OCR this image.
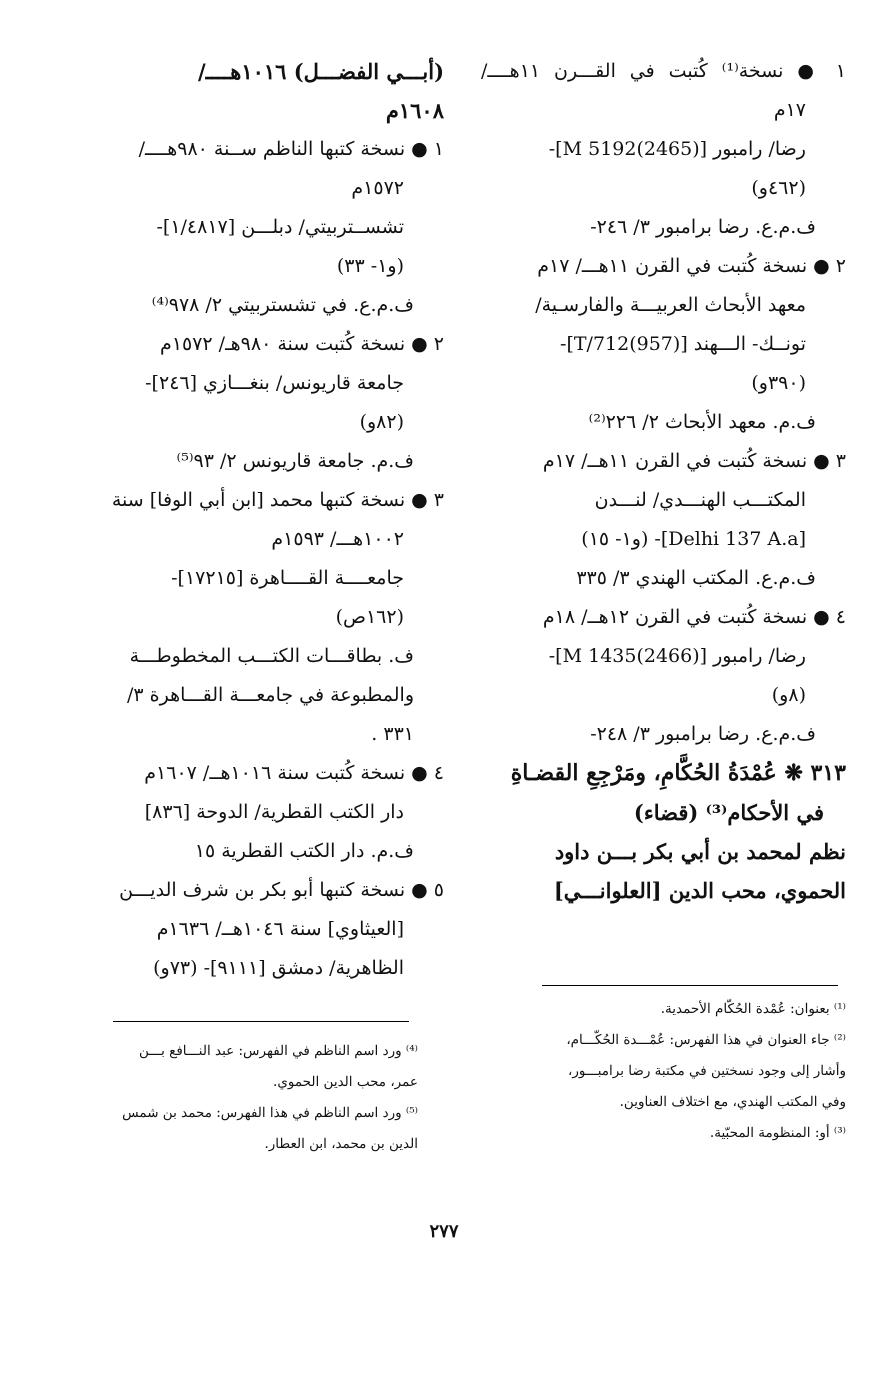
١ ● نسخة⁽¹⁾ كُتبت في القـــرن ١١هــــ/
١٧م
رضا/ رامبور [M 5192(2465)]-
(٤٦٢و)
ف.م.ع. رضا برامبور ٣/ ٢٤٦-
٢ ● نسخة كُتبت في القرن ١١هـــ/ ١٧م
معهد الأبحاث العربيـــة والفارسـية/
تونــك- الـــهند [T/712(957)]-
(٣٩٠و)
ف.م. معهد الأبحاث ٢/ ٢٢٦⁽²⁾
٣ ● نسخة كُتبت في القرن ١١هــ/ ١٧م
المكتـــب الهنـــدي/ لنـــدن
[Delhi 137 A.a]- (و١- ١٥)
ف.م.ع. المكتب الهندي ٣/ ٣٣٥
٤ ● نسخة كُتبت في القرن ١٢هــ/ ١٨م
رضا/ رامبور [M 1435(2466)]-
(٨و)
ف.م.ع. رضا برامبور ٣/ ٢٤٨-
٣١٣ ❋ عُمْدَةُ الحُكَّامِ، ومَرْجِعِ القضـاةِ
في الأحكام⁽³⁾ (قضاء)
نظم لمحمد بن أبي بكر بـــن داود
الحموي، محب الدين [العلوانـــي]
(أبـــي الفضـــل) ١٠١٦هــــ/
١٦٠٨م
١ ● نسخة كتبها الناظم ســنة ٩٨٠هــــ/
١٥٧٢م
تشســتربيتي/ دبلـــن [١/٤٨١٧]-
(و١- ٣٣)
ف.م.ع. في تشستربيتي ٢/ ٩٧٨⁽⁴⁾
٢ ● نسخة كُتبت سنة ٩٨٠هـ/ ١٥٧٢م
جامعة قاريونس/ بنغـــازي [٢٤٦]-
(٨٢و)
ف.م. جامعة قاريونس ٢/ ٩٣⁽⁵⁾
٣ ● نسخة كتبها محمد [ابن أبي الوفا] سنة
١٠٠٢هـــ/ ١٥٩٣م
جامعــــة القــــاهرة [١٧٢١٥]-
(١٦٢ص)
ف. بطاقـــات الكتـــب المخطوطـــة
والمطبوعة في جامعـــة القـــاهرة ٣/
٣٣١ .
٤ ● نسخة كُتبت سنة ١٠١٦هــ/ ١٦٠٧م
دار الكتب القطرية/ الدوحة [٨٣٦]
ف.م. دار الكتب القطرية ١٥
٥ ● نسخة كتبها أبو بكر بن شرف الديـــن
[العيثاوي] سنة ١٠٤٦هــ/ ١٦٣٦م
الظاهرية/ دمشق [٩١١١]- (٧٣و)
⁽¹⁾ بعنوان: عُمْدة الحُكّام الأحمدية.
⁽²⁾ جاء العنوان في هذا الفهرس: عُمْـــدة الحُكّـــام،
وأشار إلى وجود نسختين في مكتبة رضا برامبـــور،
وفي المكتب الهندي، مع اختلاف العناوين.
⁽³⁾ أو: المنظومة المحبّية.
⁽⁴⁾ ورد اسم الناظم في الفهرس: عبد النـــافع بـــن
عمر، محب الدين الحموي.
⁽⁵⁾ ورد اسم الناظم في هذا الفهرس: محمد بن شمس
الدين بن محمد، ابن العطار.
٢٧٧
